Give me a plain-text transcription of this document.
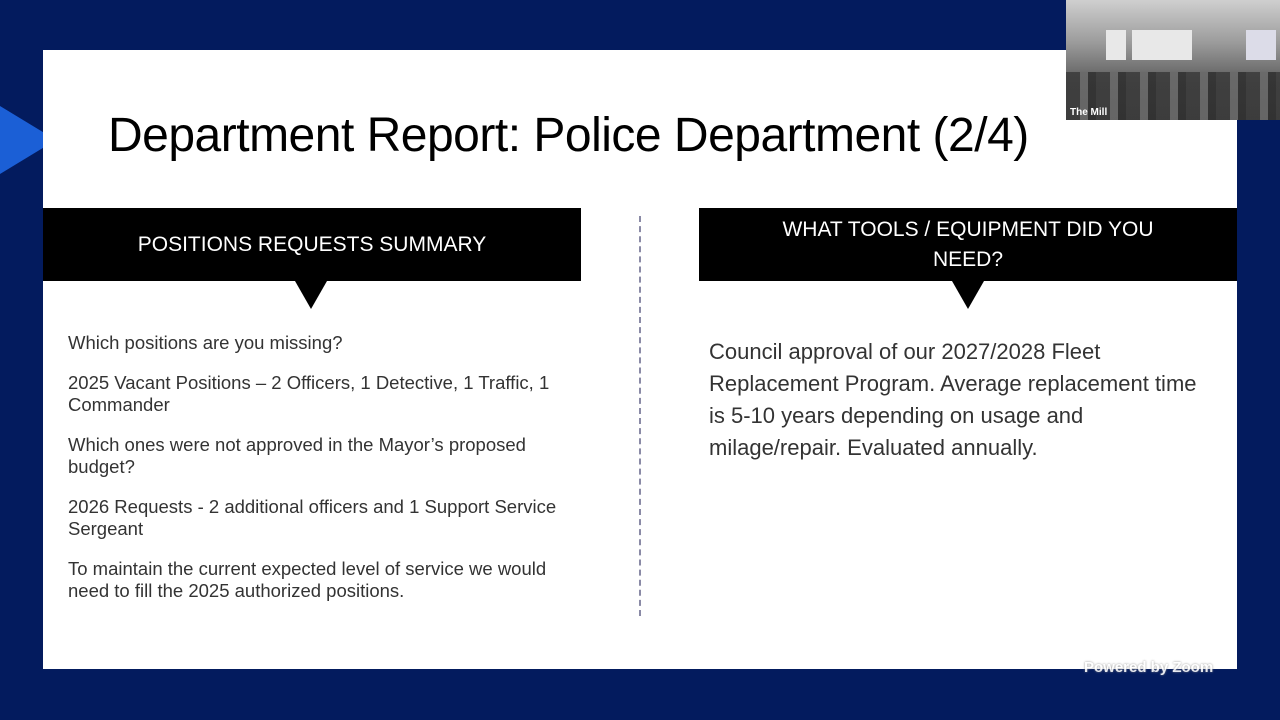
Department Report: Police Department (2/4)
POSITIONS REQUESTS SUMMARY
WHAT TOOLS / EQUIPMENT DID YOU NEED?

Which positions are you missing?

2025 Vacant Positions – 2 Officers, 1 Detective, 1 Traffic, 1 Commander

Which ones were not approved in the Mayor’s proposed budget?

2026 Requests - 2 additional officers and 1 Support Service Sergeant

To maintain the current expected level of service we would need to fill the 2025 authorized positions.

Council approval of our 2027/2028 Fleet Replacement Program. Average replacement time is 5-10 years depending on usage and milage/repair. Evaluated annually.
The Mill
Powered by Zoom
